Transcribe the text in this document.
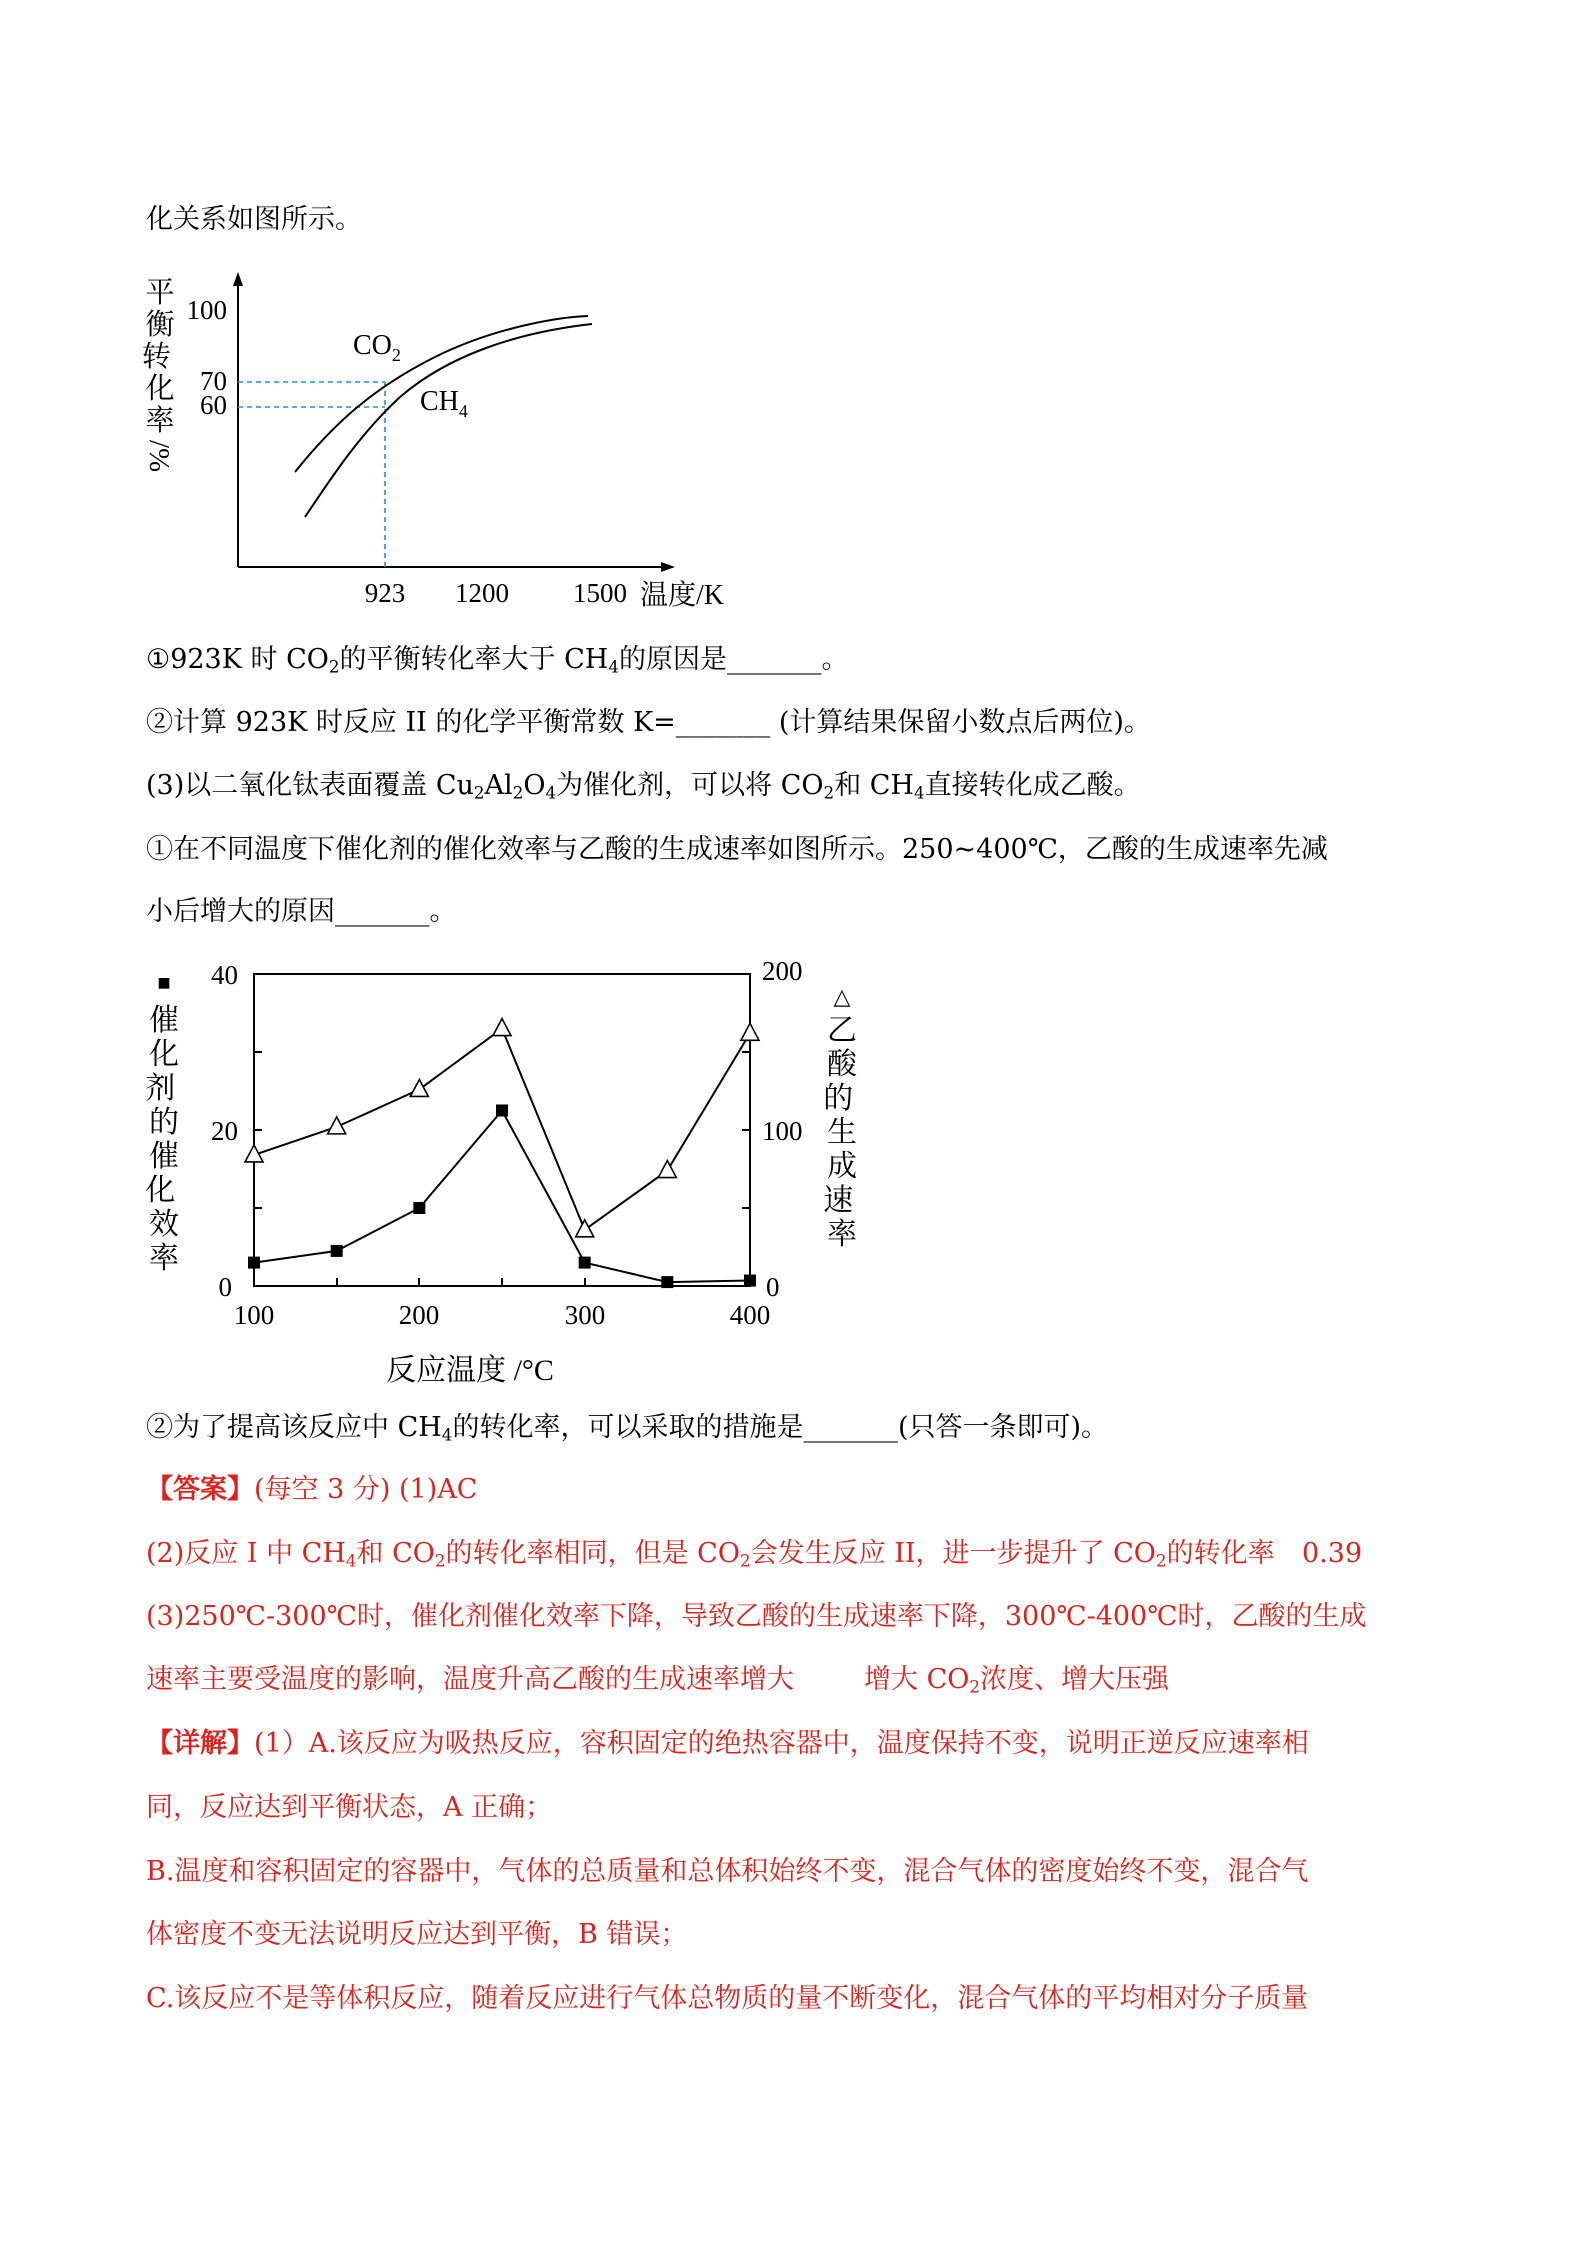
化关系如图所示。
平衡转 化率
/%
100
70
60
923 1200 1500 温度/K
$CO_2$
$CH_4$
①923K 时 $CO_2$的平衡转化率大于 $CH_4$的原因是_______。
②计算 923K 时反应 II 的化学平衡常数 K=_______ (计算结果保留小数点后两位)。
(3)以二氧化钛表面覆盖 $Cu_2Al_2O_4$为催化剂，可以将 $CO_2$和 $CH_4$直接转化成乙酸。
①在不同温度下催化剂的催化效率与乙酸的生成速率如图所示。250~400℃，乙酸的生成速率先减
小后增大的原因_______。
■
催化剂 的催化 效率
40
20
0
200
100
0
△
乙酸的 生成速 率
100	200	300	400
反应温度 /°C
②为了提高该反应中 $CH_4$的转化率，可以采取的措施是_______(只答一条即可)。
【答案】(每空 3 分) (1)AC
(2)反应 I 中 $CH_4$和 $CO_2$的转化率相同，但是 $CO_2$会发生反应 II，进一步提升了 $CO_2$的转化率 0.39
(3)250℃-300℃时，催化剂催化效率下降，导致乙酸的生成速率下降，300℃-400℃时，乙酸的生成
速率主要受温度的影响，温度升高乙酸的生成速率增大	增大 $CO_2$浓度、增大压强
【详解】(1）A.该反应为吸热反应，容积固定的绝热容器中，温度保持不变，说明正逆反应速率相
同，反应达到平衡状态，A 正确；
B.温度和容积固定的容器中，气体的总质量和总体积始终不变，混合气体的密度始终不变，混合气
体密度不变无法说明反应达到平衡，B 错误；
C.该反应不是等体积反应，随着反应进行气体总物质的量不断变化，混合气体的平均相对分子质量
